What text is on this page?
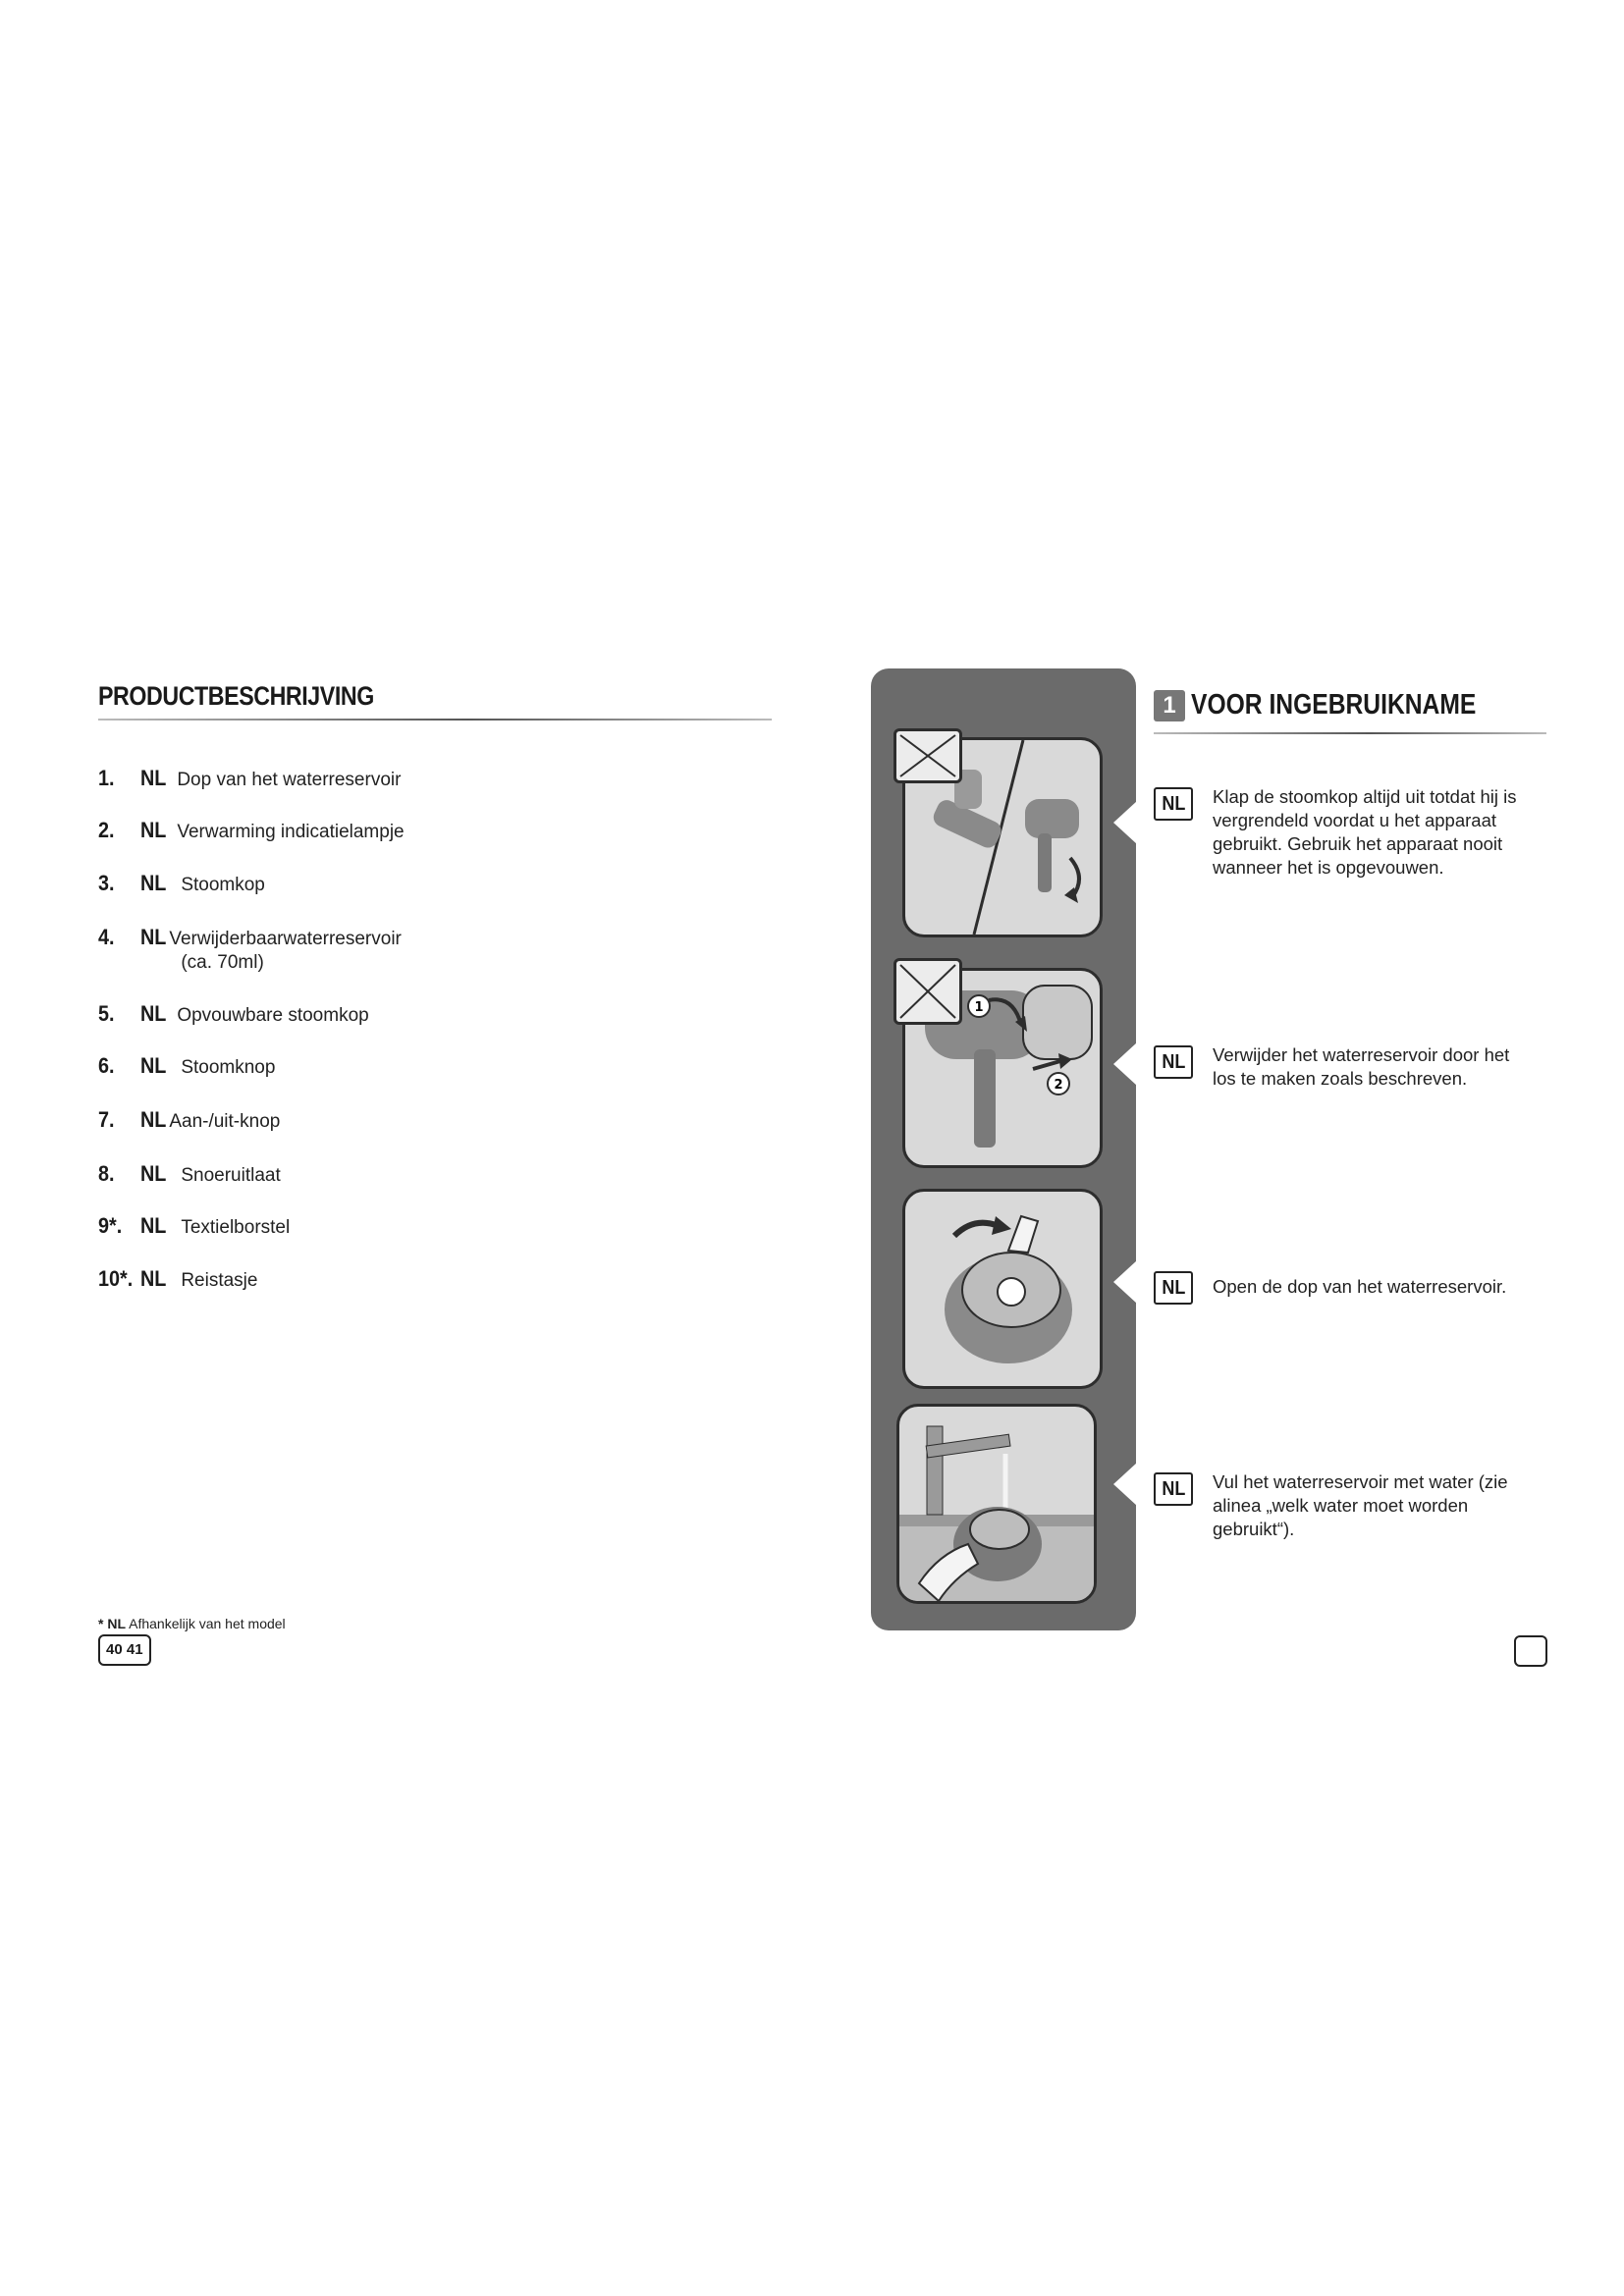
PRODUCTBESCHRIJVING
1.	NL Dop van het waterreservoir
2.	NL Verwarming indicatielampje
3.	NL Stoomkop
4.	NL Verwijderbaarwaterreservoir
(ca. 70ml)
5.	NL Opvouwbare stoomkop
6.	NL Stoomknop
7.	NL Aan-/uit-knop
8.	NL Snoeruitlaat
9*. NL Textielborstel
10*. NL Reistasje
* NL Afhankelijk van het model
40 41
1
2
1 VOOR INGEBRUIKNAME
NL	Klap de stoomkop altijd uit totdat hij is vergrendeld voordat u het apparaat gebruikt. Gebruik het apparaat nooit wanneer het is opgevouwen.
NL	Verwijder het waterreservoir door het los te maken zoals beschreven.
NL	Open de dop van het waterreservoir.
NL	Vul het waterreservoir met water (zie alinea „welk water moet worden gebruikt“).
